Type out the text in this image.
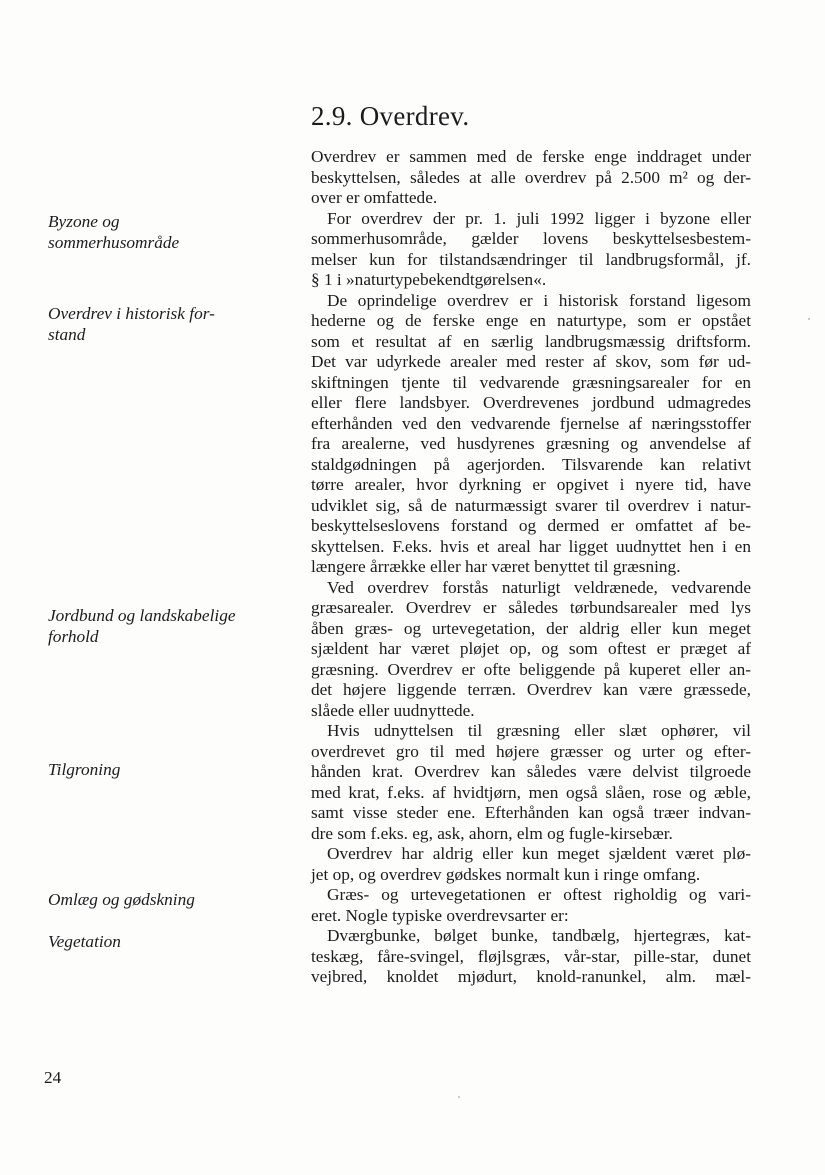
2.9. Overdrev.
Overdrev er sammen med de ferske enge inddraget under
beskyttelsen, således at alle overdrev på 2.500 m² og der-
over er omfattede.
For overdrev der pr. 1. juli 1992 ligger i byzone eller
sommerhusområde, gælder lovens beskyttelsesbestem-
melser kun for tilstandsændringer til landbrugsformål, jf.
§ 1 i »naturtypebekendtgørelsen«.
De oprindelige overdrev er i historisk forstand ligesom
hederne og de ferske enge en naturtype, som er opstået
som et resultat af en særlig landbrugsmæssig driftsform.
Det var udyrkede arealer med rester af skov, som før ud-
skiftningen tjente til vedvarende græsningsarealer for en
eller flere landsbyer. Overdrevenes jordbund udmagredes
efterhånden ved den vedvarende fjernelse af næringsstoffer
fra arealerne, ved husdyrenes græsning og anvendelse af
staldgødningen på agerjorden. Tilsvarende kan relativt
tørre arealer, hvor dyrkning er opgivet i nyere tid, have
udviklet sig, så de naturmæssigt svarer til overdrev i natur-
beskyttelseslovens forstand og dermed er omfattet af be-
skyttelsen. F.eks. hvis et areal har ligget uudnyttet hen i en
længere årrække eller har været benyttet til græsning.
Ved overdrev forstås naturligt veldrænede, vedvarende
græsarealer. Overdrev er således tørbundsarealer med lys
åben græs- og urtevegetation, der aldrig eller kun meget
sjældent har været pløjet op, og som oftest er præget af
græsning. Overdrev er ofte beliggende på kuperet eller an-
det højere liggende terræn. Overdrev kan være græssede,
slåede eller uudnyttede.
Hvis udnyttelsen til græsning eller slæt ophører, vil
overdrevet gro til med højere græsser og urter og efter-
hånden krat. Overdrev kan således være delvist tilgroede
med krat, f.eks. af hvidtjørn, men også slåen, rose og æble,
samt visse steder ene. Efterhånden kan også træer indvan-
dre som f.eks. eg, ask, ahorn, elm og fugle-kirsebær.
Overdrev har aldrig eller kun meget sjældent været plø-
jet op, og overdrev gødskes normalt kun i ringe omfang.
Græs- og urtevegetationen er oftest righoldig og vari-
eret. Nogle typiske overdrevsarter er:
Dværgbunke, bølget bunke, tandbælg, hjertegræs, kat-
teskæg, fåre-svingel, fløjlsgræs, vår-star, pille-star, dunet
vejbred, knoldet mjødurt, knold-ranunkel, alm. mæl-
Byzone og
sommerhusområde
Overdrev i historisk for-
stand
Jordbund og landskabelige
forhold
Tilgroning
Omlæg og gødskning
Vegetation
24
